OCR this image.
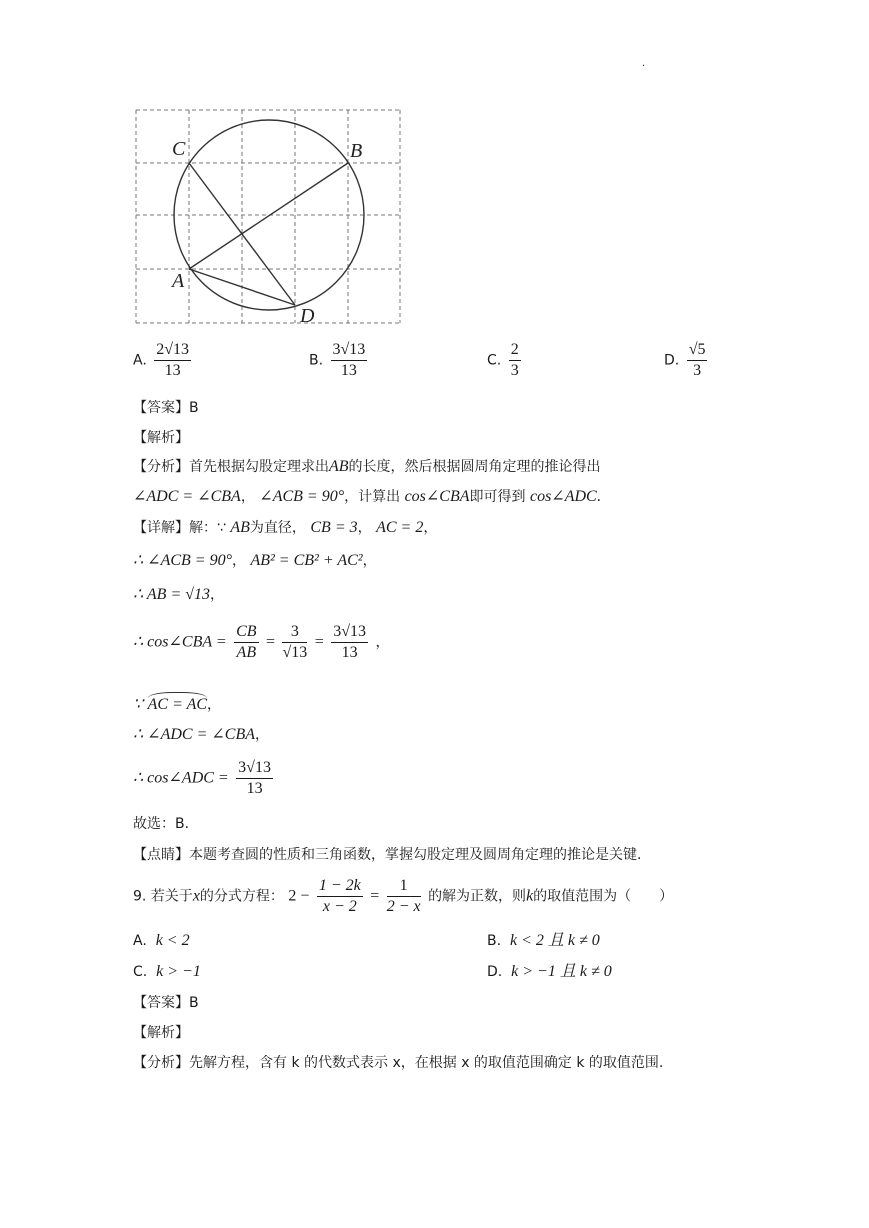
.
C	B
A
D
A. $\frac{2√13}{13}$	B. $\frac{3√13}{13}$	C. $\frac{2}{3}$	D. $\frac{√5}{3}$
【答案】B
【解析】
【分析】首先根据勾股定理求出AB的长度，然后根据圆周角定理的推论得出
∠ADC = ∠CBA， ∠ACB = 90°，计算出 cos∠CBA即可得到 cos∠ADC.
【详解】解：∵ AB为直径， CB = 3， AC = 2，
∴ ∠ACB = 90°， AB² = CB² + AC²，
∴ AB = √13，
∴ cos∠CBA = $\frac{CB}{AB} = \frac{3}{√13} = \frac{3√13}{13}$ ，
∵ AC = AC，
∴ ∠ADC = ∠CBA，
∴ cos∠ADC = $\frac{3√13}{13}$
故选：B.
【点睛】本题考查圆的性质和三角函数，掌握勾股定理及圆周角定理的推论是关键.
9. 若关于x的分式方程： $2 - \frac{1 - 2k}{x - 2} = \frac{1}{2 - x}$ 的解为正数，则k的取值范围为（　　）
A. k < 2	B. k < 2 且 k ≠ 0
C. k > −1	D. k > −1 且 k ≠ 0
【答案】B
【解析】
【分析】先解方程，含有 k 的代数式表示 x，在根据 x 的取值范围确定 k 的取值范围.
